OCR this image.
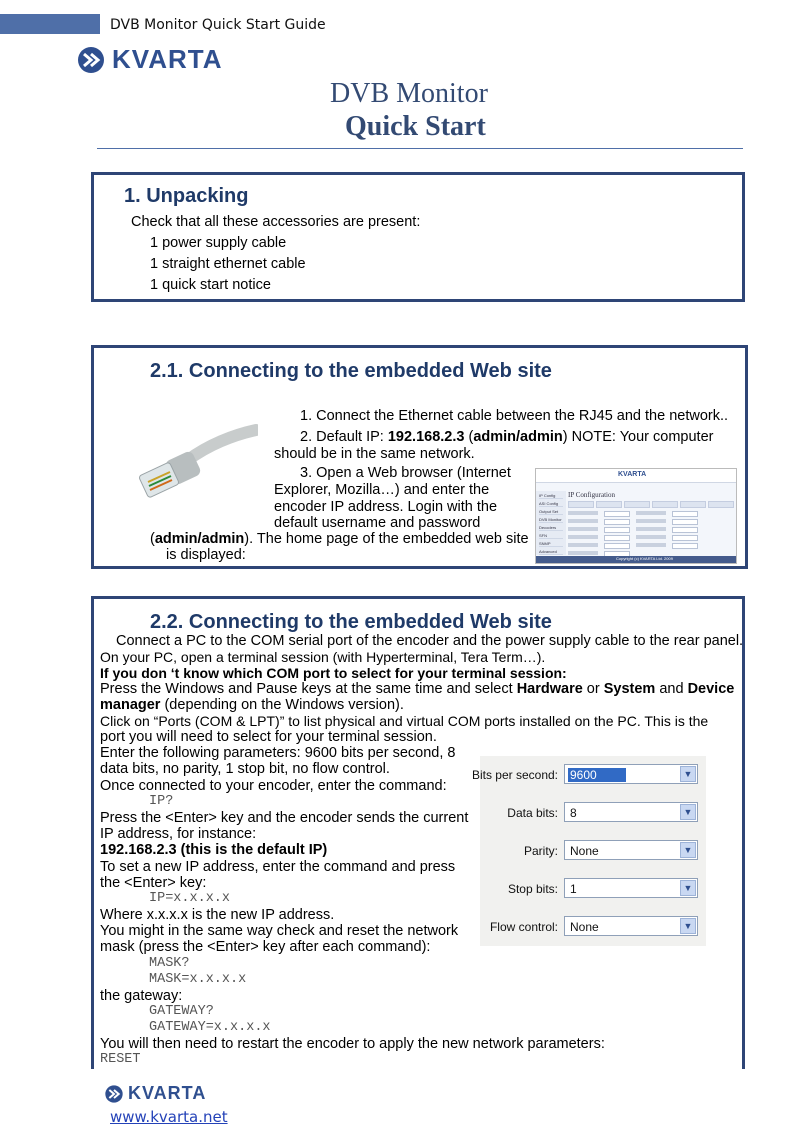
DVB Monitor Quick Start Guide
KVARTA
DVB Monitor
Quick Start
1. Unpacking
Check that all these accessories are present:
1 power supply cable
1 straight ethernet cable
1 quick start notice
2.1. Connecting to the embedded Web site
1. Connect the Ethernet cable between the RJ45 and the network..
2. Default IP: 192.168.2.3 (admin/admin) NOTE: Your computer
should be in the same network.
3. Open a Web browser (Internet
Explorer, Mozilla…) and enter the
encoder IP address. Login with the
default username and password
(admin/admin). The home page of the embedded web site
is displayed:
KVARTA
IP Config
ASI Config
Output Set
DVB Monitor
Decoders
SFN
SNMP
Advanced
IP Configuration
Copyright (c) KVARTA Ltd. 2009
2.2. Connecting to the embedded Web site
Connect a PC to the COM serial port of the encoder and the power supply cable to the rear panel.
On your PC, open a terminal session (with Hyperterminal, Tera Term…).
If you don ‘t know which COM port to select for your terminal session:
Press the Windows and Pause keys at the same time and select Hardware or System and Device
manager (depending on the Windows version).
Click on “Ports (COM & LPT)” to list physical and virtual COM ports installed on the PC. This is the
port you will need to select for your terminal session.
Enter the following parameters: 9600 bits per second, 8
data bits, no parity, 1 stop bit, no flow control.
Once connected to your encoder, enter the command:
IP?
Press the <Enter> key and the encoder sends the current
IP address, for instance:
192.168.2.3 (this is the default IP)
To set a new IP address, enter the command and press
the <Enter> key:
IP=x.x.x.x
Where x.x.x.x is the new IP address.
You might in the same way check and reset the network
mask (press the <Enter> key after each command):
MASK?
MASK=x.x.x.x
the gateway:
GATEWAY?
GATEWAY=x.x.x.x
You will then need to restart the encoder to apply the new network parameters:
RESET
Bits per second: 9600	▼
Data bits: 8	▼
Parity: None	▼
Stop bits: 1	▼
Flow control: None	▼
KVARTA
www.kvarta.net
